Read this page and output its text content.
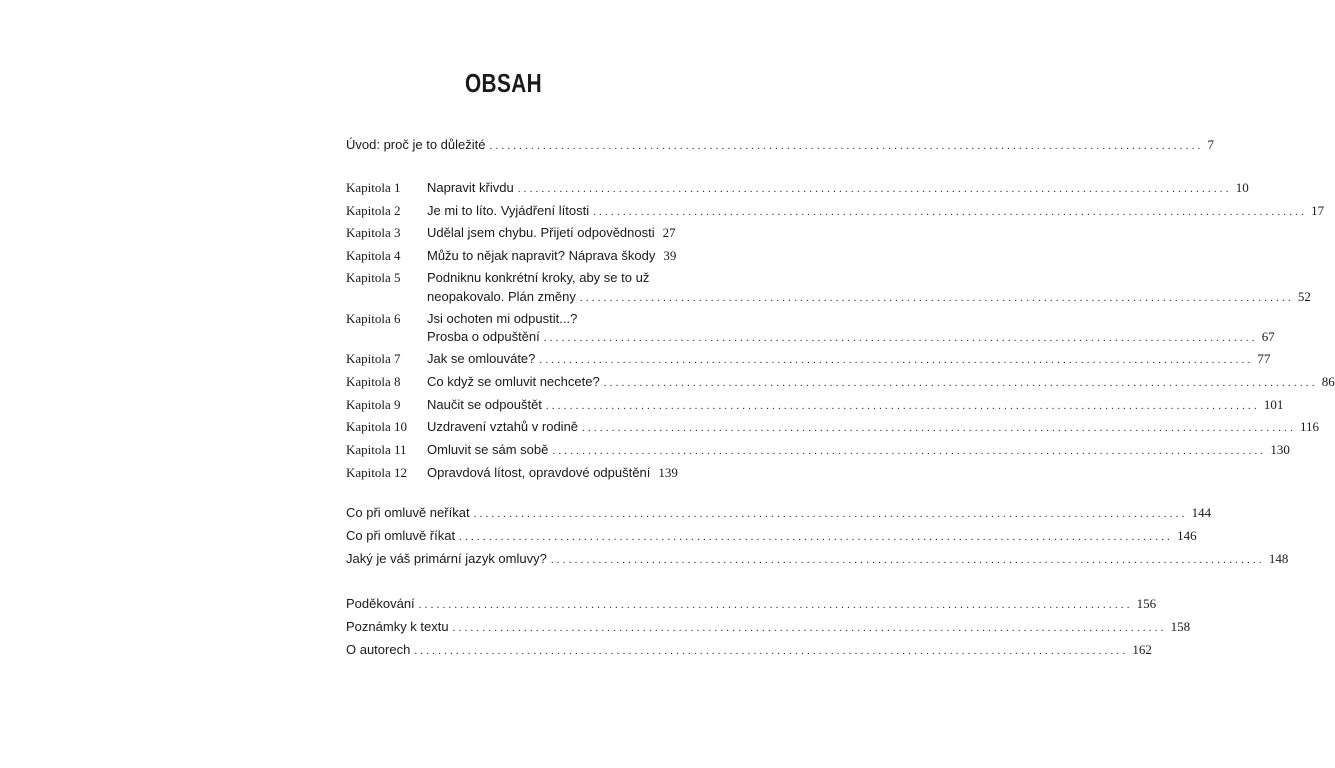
OBSAH
Úvod: proč je to důležité ........................................................................................................................ 7
Kapitola 1 Napravit křivdu ........................................................................................................................ 10
Kapitola 2 Je mi to líto. Vyjádření lítosti ........................................................................................................................ 17
Kapitola 3 Udělal jsem chybu. Přijetí odpovědnosti 27
Kapitola 4 Můžu to nějak napravit? Náprava škody 39
Kapitola 5 Podniknu konkrétní kroky, aby se to už
neopakovalo. Plán změny ........................................................................................................................ 52
Kapitola 6 Jsi ochoten mi odpustit...?
Prosba o odpuštění ........................................................................................................................ 67
Kapitola 7 Jak se omlouváte? ........................................................................................................................ 77
Kapitola 8 Co když se omluvit nechcete? ........................................................................................................................ 86
Kapitola 9 Naučit se odpouštět ........................................................................................................................ 101
Kapitola 10 Uzdravení vztahů v rodině ........................................................................................................................ 116
Kapitola 11 Omluvit se sám sobě ........................................................................................................................ 130
Kapitola 12 Opravdová lítost, opravdové odpuštění 139
Co při omluvě neříkat ........................................................................................................................ 144
Co při omluvě říkat ........................................................................................................................ 146
Jaký je váš primární jazyk omluvy? ........................................................................................................................ 148
Poděkování ........................................................................................................................ 156
Poznámky k textu ........................................................................................................................ 158
O autorech ........................................................................................................................ 162
